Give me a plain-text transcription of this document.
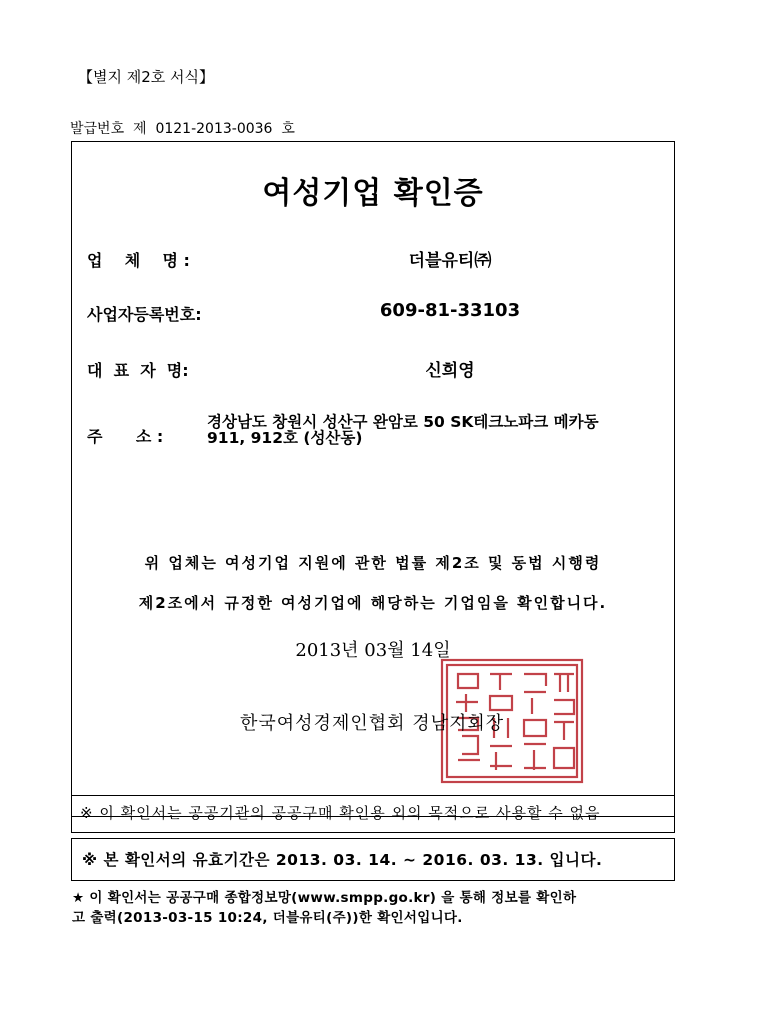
【별지 제2호 서식】
발급번호 제 0121-2013-0036 호
여성기업 확인증
업    체    명 :	더블유티㈜
사업자등록번호:	609-81-33103
대  표  자  명:	신희영
주      소 :
경상남도 창원시 성산구 완암로 50 SK테크노파크 메카동
911, 912호 (성산동)
위 업체는 여성기업 지원에 관한 법률 제2조 및 동법 시행령
제2조에서 규정한 여성기업에 해당하는 기업임을 확인합니다.
2013년 03월 14일
한국여성경제인협회 경남지회장
※ 이 확인서는 공공기관의 공공구매 확인용 외의 목적으로 사용할 수 없음
※ 본 확인서의 유효기간은 2013. 03. 14. ~ 2016. 03. 13. 입니다.
★ 이 확인서는 공공구매 종합정보망(www.smpp.go.kr) 을 통해 정보를 확인하
고 출력(2013-03-15 10:24, 더블유티(주))한 확인서입니다.
